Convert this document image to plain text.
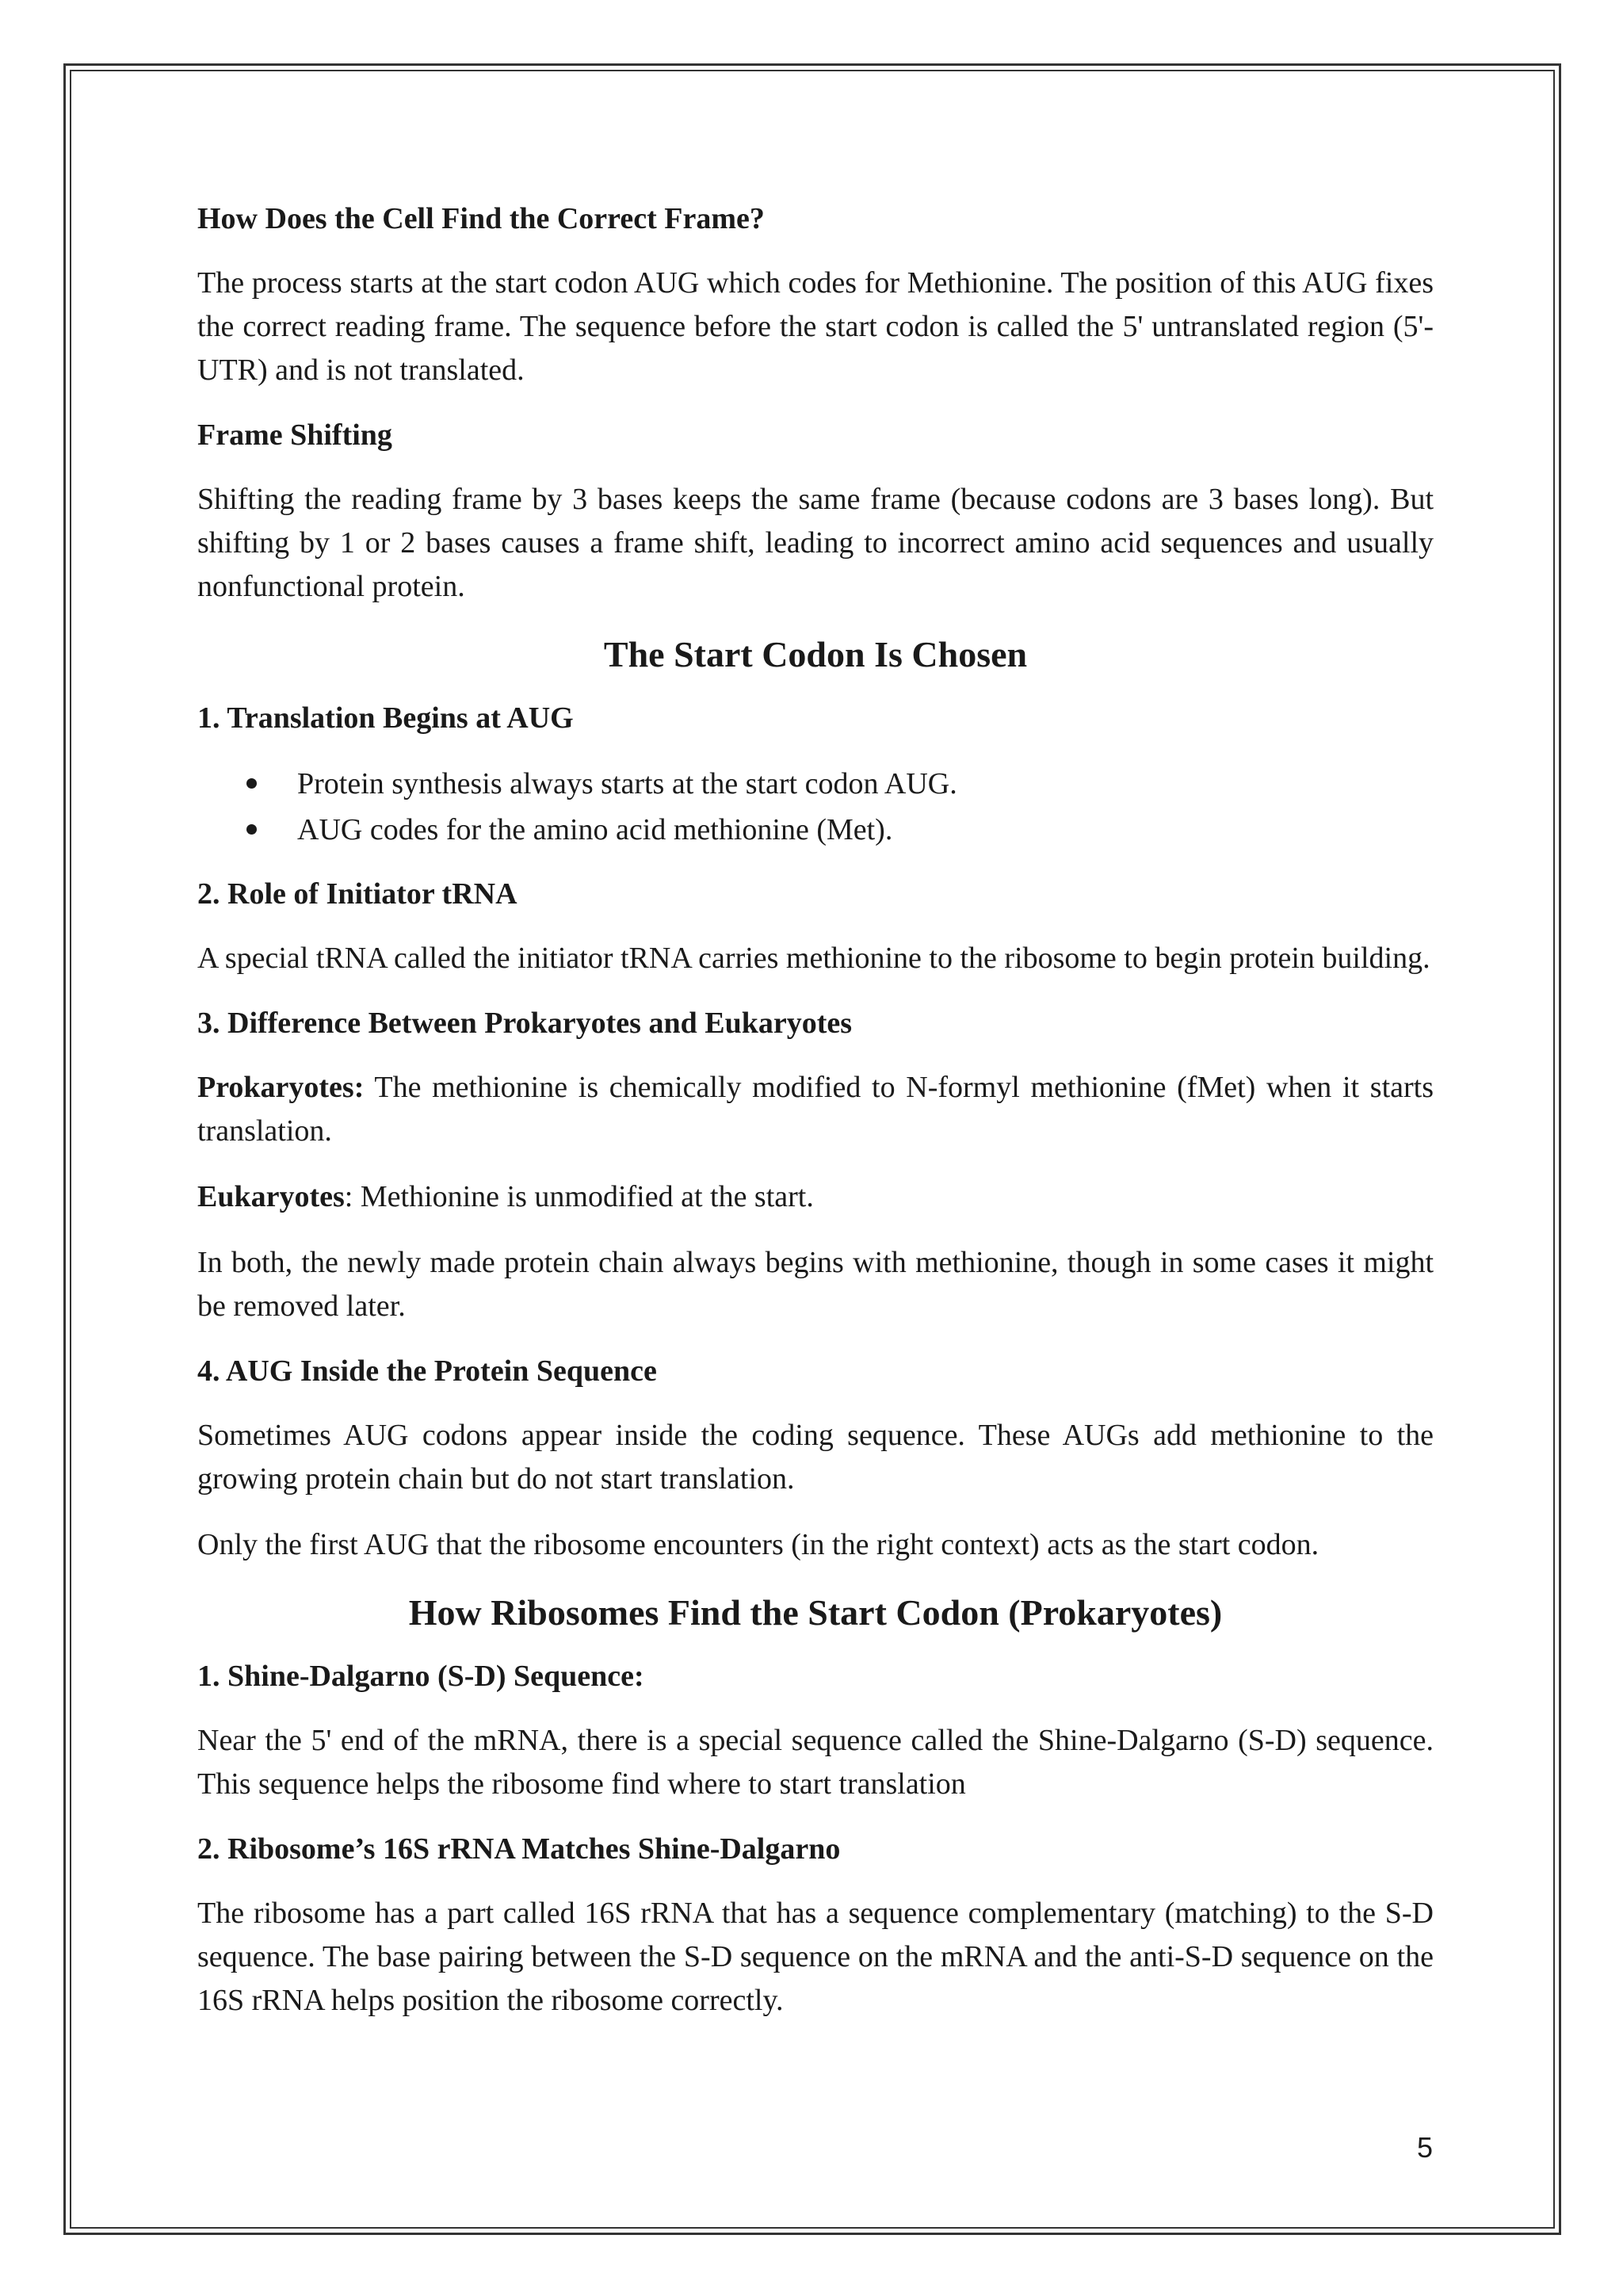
How Does the Cell Find the Correct Frame?

The process starts at the start codon AUG which codes for Methionine. The position of this AUG fixes the correct reading frame. The sequence before the start codon is called the 5' untranslated region (5'-UTR) and is not translated.

Frame Shifting

Shifting the reading frame by 3 bases keeps the same frame (because codons are 3 bases long). But shifting by 1 or 2 bases causes a frame shift, leading to incorrect amino acid sequences and usually nonfunctional protein.

The Start Codon Is Chosen
1. Translation Begins at AUG
Protein synthesis always starts at the start codon AUG.
AUG codes for the amino acid methionine (Met).
2. Role of Initiator tRNA

A special tRNA called the initiator tRNA carries methionine to the ribosome to begin protein building.

3. Difference Between Prokaryotes and Eukaryotes

Prokaryotes: The methionine is chemically modified to N-formyl methionine (fMet) when it starts translation.

Eukaryotes: Methionine is unmodified at the start.

In both, the newly made protein chain always begins with methionine, though in some cases it might be removed later.

4. AUG Inside the Protein Sequence

Sometimes AUG codons appear inside the coding sequence. These AUGs add methionine to the growing protein chain but do not start translation.

Only the first AUG that the ribosome encounters (in the right context) acts as the start codon.

How Ribosomes Find the Start Codon (Prokaryotes)
1. Shine-Dalgarno (S-D) Sequence:

Near the 5' end of the mRNA, there is a special sequence called the Shine-Dalgarno (S-D) sequence. This sequence helps the ribosome find where to start translation

2. Ribosome’s 16S rRNA Matches Shine-Dalgarno

The ribosome has a part called 16S rRNA that has a sequence complementary (matching) to the S-D sequence. The base pairing between the S-D sequence on the mRNA and the anti-S-D sequence on the 16S rRNA helps position the ribosome correctly.

5
